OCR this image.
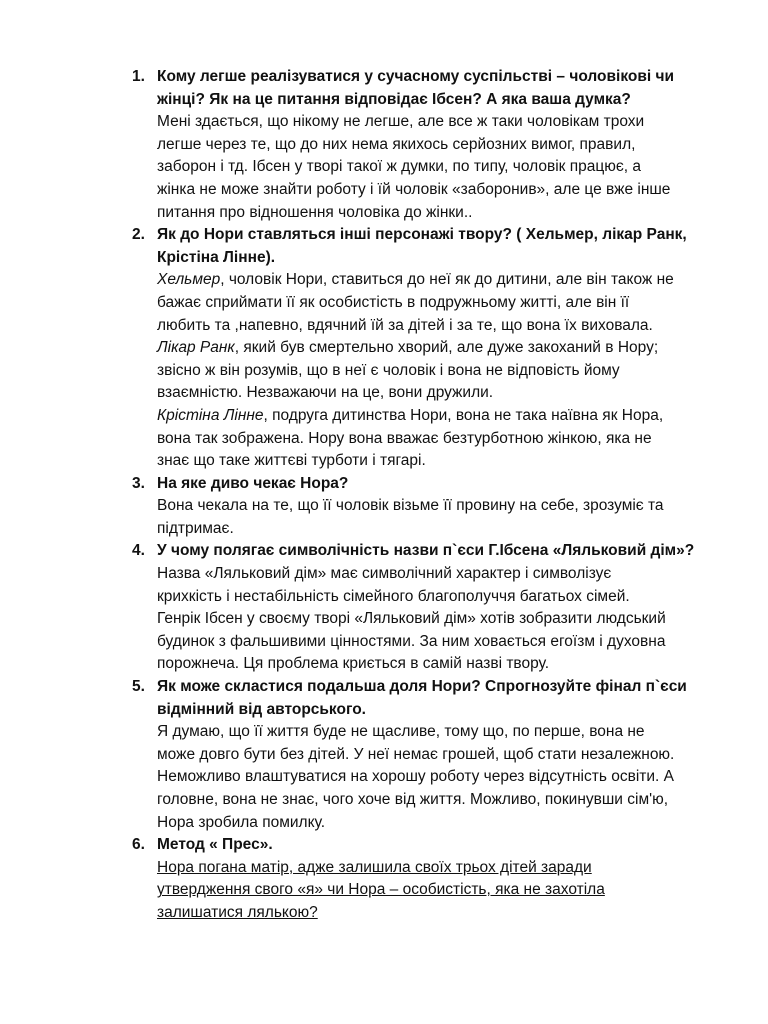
1. Кому легше реалізуватися у сучасному суспільстві – чоловікові чи
жінці? Як на це питання відповідає Ібсен? А яка ваша думка?
Мені здається, що нікому не легше, але все ж таки чоловікам трохи
легше через те, що до них нема якихось серйозних вимог, правил,
заборон і тд. Ібсен у творі такої ж думки, по типу, чоловік працює, а
жінка не може знайти роботу і їй чоловік «заборонив», але це вже інше
питання про відношення чоловіка до жінки..
2. Як до Нори ставляться інші персонажі твору? ( Хельмер, лікар Ранк,
Крістіна Лінне).
Хельмер, чоловік Нори, ставиться до неї як до дитини, але він також не
бажає сприймати її як особистість в подружньому житті, але він її
любить та ,напевно, вдячний їй за дітей і за те, що вона їх виховала.
Лікар Ранк, який був смертельно хворий, але дуже закоханий в Нору;
звісно ж він розумів, що в неї є чоловік і вона не відповість йому
взаємністю. Незважаючи на це, вони дружили.
Крістіна Лінне, подруга дитинства Нори, вона не така наївна як Нора,
вона так зображена. Нору вона вважає безтурботною жінкою, яка не
знає що таке життєві турботи і тягарі.
3. На яке диво чекає Нора?
Вона чекала на те, що її чоловік візьме її провину на себе, зрозуміє та
підтримає.
4. У чому полягає символічність назви п`єси Г.Ібсена «Ляльковий дім»?
Назва «Ляльковий дім» має символічний характер і символізує
крихкість і нестабільність сімейного благополуччя багатьох сімей.
Генрік Ібсен у своєму творі «Ляльковий дім» хотів зобразити людський
будинок з фальшивими цінностями. За ним ховається егоїзм і духовна
порожнеча. Ця проблема криється в самій назві твору.
5. Як може скластися подальша доля Нори? Спрогнозуйте фінал п`єси
відмінний від авторського.
Я думаю, що її життя буде не щасливе, тому що, по перше, вона не
може довго бути без дітей. У неї немає грошей, щоб стати незалежною.
Неможливо влаштуватися на хорошу роботу через відсутність освіти. А
головне, вона не знає, чого хоче від життя. Можливо, покинувши сім'ю,
Нора зробила помилку.
6. Метод « Прес».
Нора погана матір, адже залишила своїх трьох дітей заради
утвердження свого «я» чи Нора – особистість, яка не захотіла
залишатися лялькою?
